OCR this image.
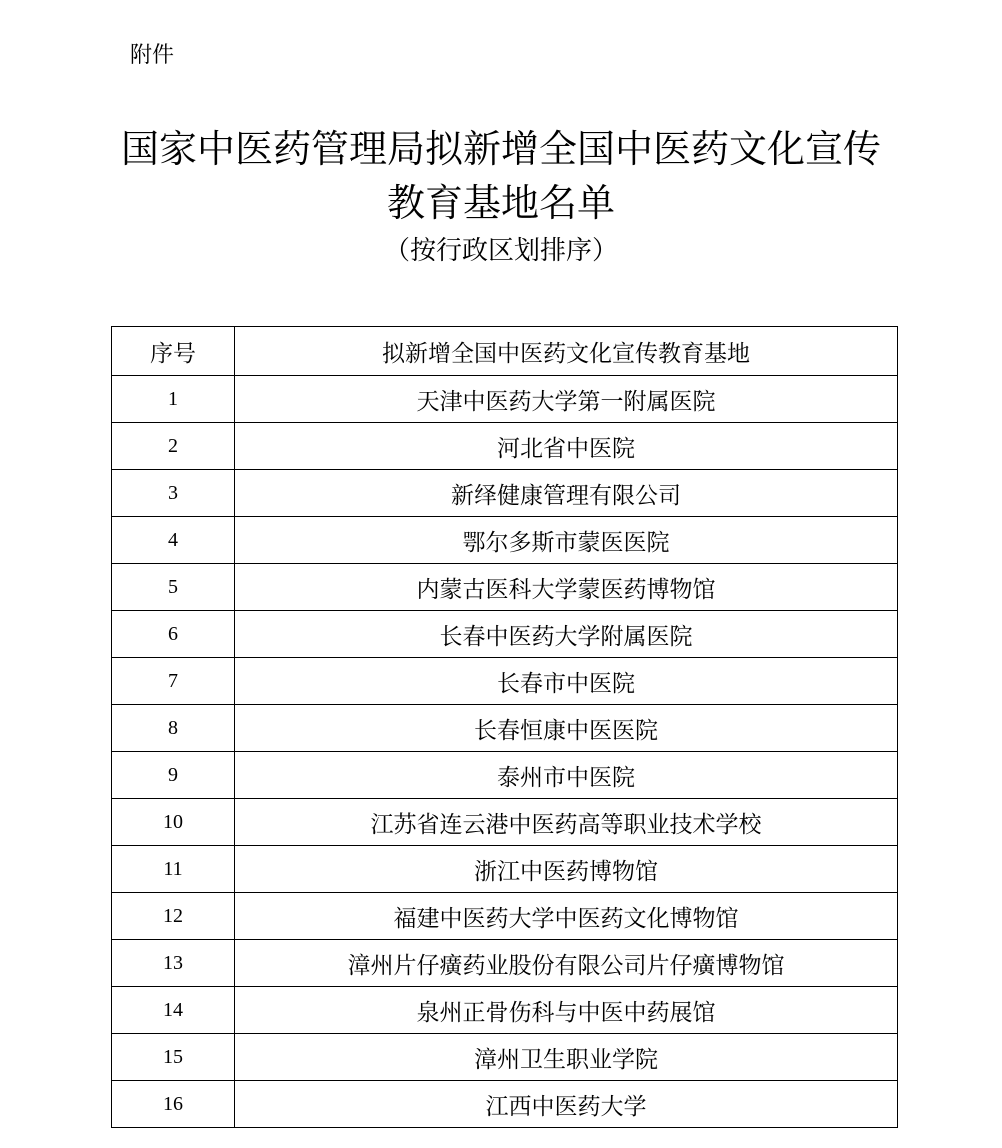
附件

国家中医药管理局拟新增全国中医药文化宣传
教育基地名单

（按行政区划排序）

序号	拟新增全国中医药文化宣传教育基地
1	天津中医药大学第一附属医院
2	河北省中医院
3	新绎健康管理有限公司
4	鄂尔多斯市蒙医医院
5	内蒙古医科大学蒙医药博物馆
6	长春中医药大学附属医院
7	长春市中医院
8	长春恒康中医医院
9	泰州市中医院
10	江苏省连云港中医药高等职业技术学校
11	浙江中医药博物馆
12	福建中医药大学中医药文化博物馆
13	漳州片仔癀药业股份有限公司片仔癀博物馆
14	泉州正骨伤科与中医中药展馆
15	漳州卫生职业学院
16	江西中医药大学
